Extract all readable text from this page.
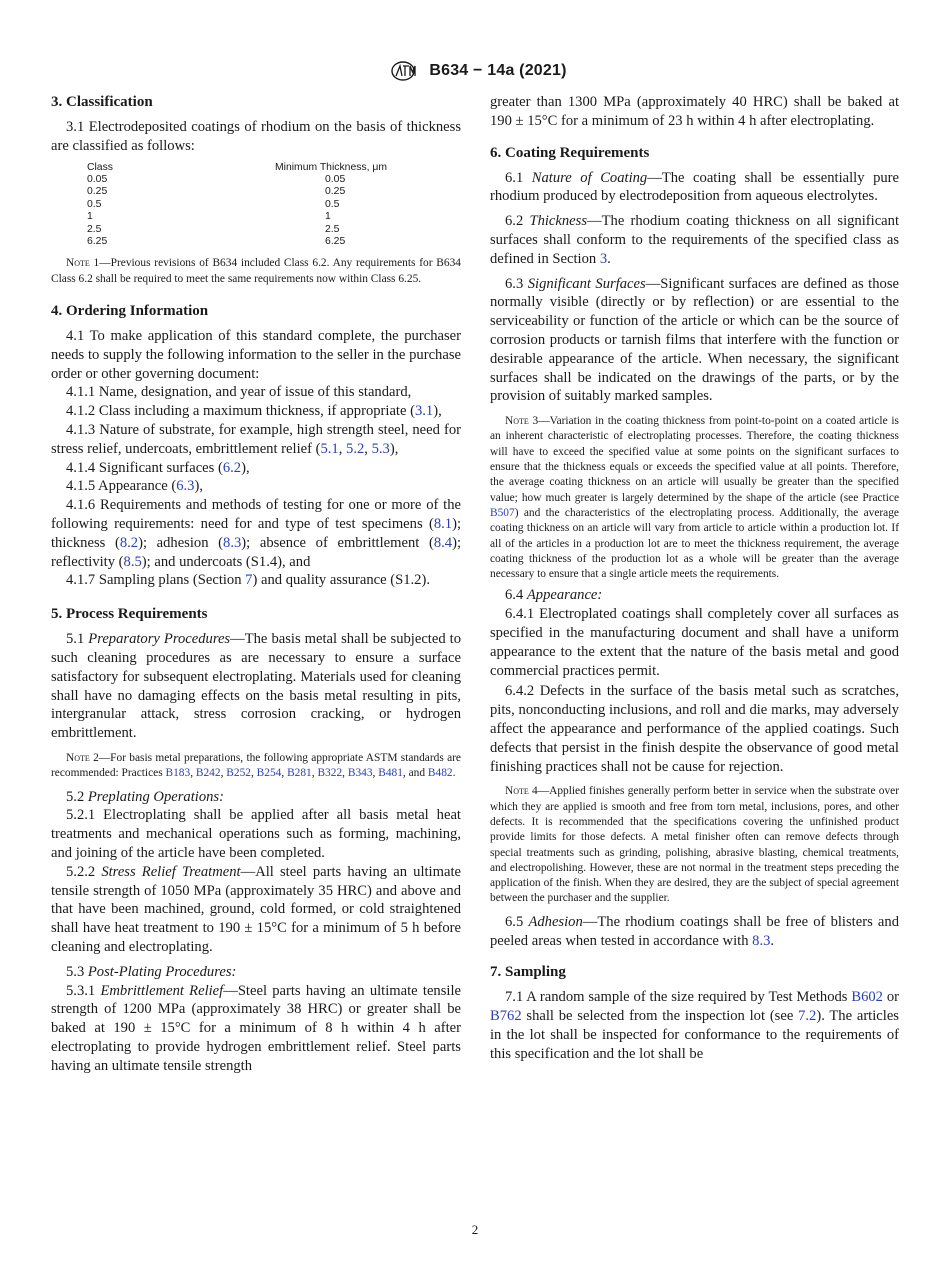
B634 − 14a (2021)
3. Classification

3.1 Electrodeposited coatings of rhodium on the basis of thickness are classified as follows:

Class	Minimum Thickness, μm
0.05	0.05
0.25	0.25
0.5	0.5
1	1
2.5	2.5
6.25	6.25

Note 1—Previous revisions of B634 included Class 6.2. Any requirements for B634 Class 6.2 shall be required to meet the same requirements now within Class 6.25.

4. Ordering Information

4.1 To make application of this standard complete, the purchaser needs to supply the following information to the seller in the purchase order or other governing document:

4.1.1 Name, designation, and year of issue of this standard,

4.1.2 Class including a maximum thickness, if appropriate (3.1),

4.1.3 Nature of substrate, for example, high strength steel, need for stress relief, undercoats, embrittlement relief (5.1, 5.2, 5.3),

4.1.4 Significant surfaces (6.2),

4.1.5 Appearance (6.3),

4.1.6 Requirements and methods of testing for one or more of the following requirements: need for and type of test specimens (8.1); thickness (8.2); adhesion (8.3); absence of embrittlement (8.4); reflectivity (8.5); and undercoats (S1.4), and

4.1.7 Sampling plans (Section 7) and quality assurance (S1.2).

5. Process Requirements

5.1 Preparatory Procedures—The basis metal shall be subjected to such cleaning procedures as are necessary to ensure a surface satisfactory for subsequent electroplating. Materials used for cleaning shall have no damaging effects on the basis metal resulting in pits, intergranular attack, stress corrosion cracking, or hydrogen embrittlement.

Note 2—For basis metal preparations, the following appropriate ASTM standards are recommended: Practices B183, B242, B252, B254, B281, B322, B343, B481, and B482.

5.2 Preplating Operations:

5.2.1 Electroplating shall be applied after all basis metal heat treatments and mechanical operations such as forming, machining, and joining of the article have been completed.

5.2.2 Stress Relief Treatment—All steel parts having an ultimate tensile strength of 1050 MPa (approximately 35 HRC) and above and that have been machined, ground, cold formed, or cold straightened shall have heat treatment to 190 ± 15°C for a minimum of 5 h before cleaning and electroplating.

5.3 Post-Plating Procedures:

5.3.1 Embrittlement Relief—Steel parts having an ultimate tensile strength of 1200 MPa (approximately 38 HRC) or greater shall be baked at 190 ± 15°C for a minimum of 8 h within 4 h after electroplating to provide hydrogen embrittlement relief. Steel parts having an ultimate tensile strength

greater than 1300 MPa (approximately 40 HRC) shall be baked at 190 ± 15°C for a minimum of 23 h within 4 h after electroplating.

6. Coating Requirements

6.1 Nature of Coating—The coating shall be essentially pure rhodium produced by electrodeposition from aqueous electrolytes.

6.2 Thickness—The rhodium coating thickness on all significant surfaces shall conform to the requirements of the specified class as defined in Section 3.

6.3 Significant Surfaces—Significant surfaces are defined as those normally visible (directly or by reflection) or are essential to the serviceability or function of the article or which can be the source of corrosion products or tarnish films that interfere with the function or desirable appearance of the article. When necessary, the significant surfaces shall be indicated on the drawings of the parts, or by the provision of suitably marked samples.

Note 3—Variation in the coating thickness from point-to-point on a coated article is an inherent characteristic of electroplating processes. Therefore, the coating thickness will have to exceed the specified value at some points on the significant surfaces to ensure that the thickness equals or exceeds the specified value at all points. Therefore, the average coating thickness on an article will usually be greater than the specified value; how much greater is largely determined by the shape of the article (see Practice B507) and the characteristics of the electroplating process. Additionally, the average coating thickness on an article will vary from article to article within a production lot. If all of the articles in a production lot are to meet the thickness requirement, the average coating thickness of the production lot as a whole will be greater than the average necessary to ensure that a single article meets the requirements.

6.4 Appearance:

6.4.1 Electroplated coatings shall completely cover all surfaces as specified in the manufacturing document and shall have a uniform appearance to the extent that the nature of the basis metal and good commercial practices permit.

6.4.2 Defects in the surface of the basis metal such as scratches, pits, nonconducting inclusions, and roll and die marks, may adversely affect the appearance and performance of the applied coatings. Such defects that persist in the finish despite the observance of good metal finishing practices shall not be cause for rejection.

Note 4—Applied finishes generally perform better in service when the substrate over which they are applied is smooth and free from torn metal, inclusions, pores, and other defects. It is recommended that the specifications covering the unfinished product provide limits for those defects. A metal finisher often can remove defects through special treatments such as grinding, polishing, abrasive blasting, chemical treatments, and electropolishing. However, these are not normal in the treatment steps preceding the application of the finish. When they are desired, they are the subject of special agreement between the purchaser and the supplier.

6.5 Adhesion—The rhodium coatings shall be free of blisters and peeled areas when tested in accordance with 8.3.

7. Sampling

7.1 A random sample of the size required by Test Methods B602 or B762 shall be selected from the inspection lot (see 7.2). The articles in the lot shall be inspected for conformance to the requirements of this specification and the lot shall be

2
